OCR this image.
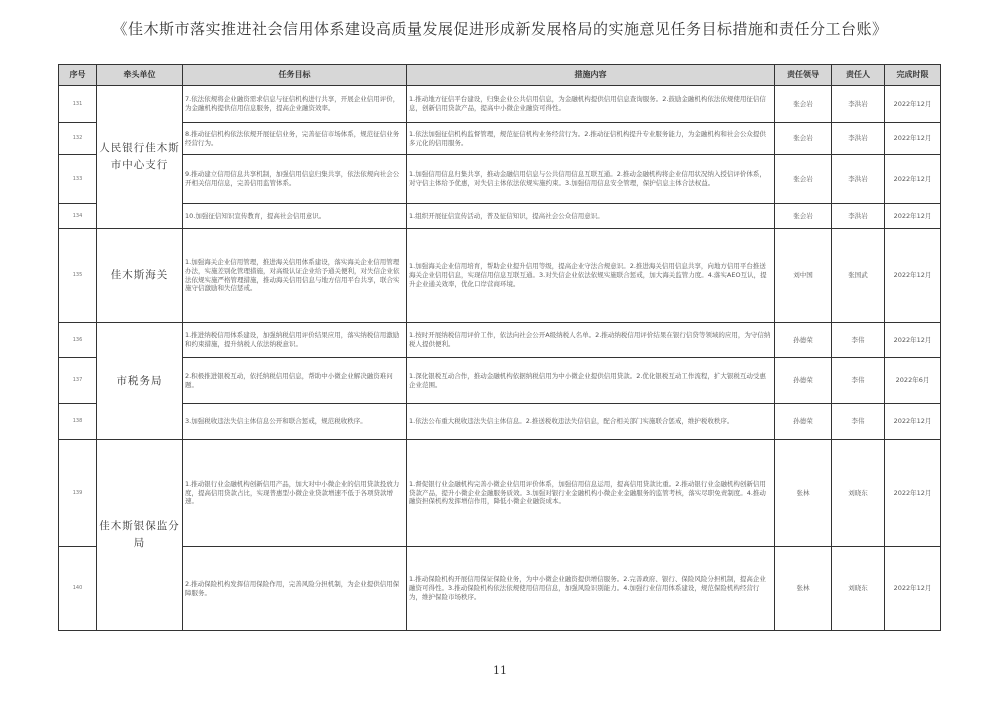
《佳木斯市落实推进社会信用体系建设高质量发展促进形成新发展格局的实施意见任务目标措施和责任分工台账》
序号	牵头单位	任务目标	措施内容	责任领导	责任人	完成时限
131	人民银行佳木斯市中心支行	7.依法依规将企业融资需求信息与征信机构进行共享，开展企业信用评价，为金融机构提供信用信息服务，提高企业融资效率。	1.推动地方征信平台建设，归集企业公共信用信息，为金融机构提供信用信息查询服务。2.鼓励金融机构依法依规使用征信信息，创新信用贷款产品，提高中小微企业融资可得性。	张会岩	李洪岩	2022年12月
132		8.推动征信机构依法依规开展征信业务，完善征信市场体系，规范征信业务经营行为。	1.依法加强征信机构监督管理，规范征信机构业务经营行为。2.推动征信机构提升专业服务能力，为金融机构和社会公众提供多元化的信用服务。	张会岩	李洪岩	2022年12月
133		9.推动建立信用信息共享机制，加强信用信息归集共享，依法依规向社会公开相关信用信息，完善信用监管体系。	1.加强信用信息归集共享，推动金融信用信息与公共信用信息互联互通。2.推动金融机构将企业信用状况纳入授信评价体系，对守信主体给予优惠，对失信主体依法依规实施约束。3.加强信用信息安全管理，保护信息主体合法权益。	张会岩	李洪岩	2022年12月
134		10.加强征信知识宣传教育，提高社会信用意识。	1.组织开展征信宣传活动，普及征信知识，提高社会公众信用意识。	张会岩	李洪岩	2022年12月
135	佳木斯海关	1.加强海关企业信用管理，推进海关信用体系建设，落实海关企业信用管理办法，实施差别化管理措施，对高级认证企业给予通关便利，对失信企业依法依规实施严格管理措施，推动海关信用信息与地方信用平台共享，联合实施守信激励和失信惩戒。	1.加强海关企业信用培育，帮助企业提升信用等级，提高企业守法合规意识。2.推进海关信用信息共享，向地方信用平台推送海关企业信用信息，实现信用信息互联互通。3.对失信企业依法依规实施联合惩戒，加大海关监管力度。4.落实AEO互认，提升企业通关效率，优化口岸营商环境。	刘中国	张国武	2022年12月
136	市税务局	1.推进纳税信用体系建设，加强纳税信用评价结果应用，落实纳税信用激励和约束措施，提升纳税人依法纳税意识。	1.按时开展纳税信用评价工作，依法向社会公开A级纳税人名单。2.推动纳税信用评价结果在银行信贷等领域的应用，为守信纳税人提供便利。	孙德荣	李伟	2022年12月
137		2.积极推进银税互动，依托纳税信用信息，帮助中小微企业解决融资难问题。	1.深化银税互动合作，推动金融机构依据纳税信用为中小微企业提供信用贷款。2.优化银税互动工作流程，扩大银税互动受惠企业范围。	孙德荣	李伟	2022年6月
138		3.加强税收违法失信主体信息公开和联合惩戒，规范税收秩序。	1.依法公布重大税收违法失信主体信息。2.推送税收违法失信信息，配合相关部门实施联合惩戒，维护税收秩序。	孙德荣	李伟	2022年12月
139	佳木斯银保监分局	1.推动银行业金融机构创新信用产品，加大对中小微企业的信用贷款投放力度，提高信用贷款占比，实现普惠型小微企业贷款增速不低于各项贷款增速。	1.督促银行业金融机构完善小微企业信用评价体系，加强信用信息运用，提高信用贷款比重。2.推动银行业金融机构创新信用贷款产品，提升小微企业金融服务质效。3.加强对银行业金融机构小微企业金融服务的监管考核，落实尽职免责制度。4.推动融资担保机构发挥增信作用，降低小微企业融资成本。	张林	刘晓东	2022年12月
140		2.推动保险机构发挥信用保险作用，完善风险分担机制，为企业提供信用保障服务。	1.推动保险机构开展信用保证保险业务，为中小微企业融资提供增信服务。2.完善政府、银行、保险风险分担机制，提高企业融资可得性。3.推动保险机构依法依规使用信用信息，加强风险识别能力。4.加强行业信用体系建设，规范保险机构经营行为，维护保险市场秩序。	张林	刘晓东	2022年12月
11
